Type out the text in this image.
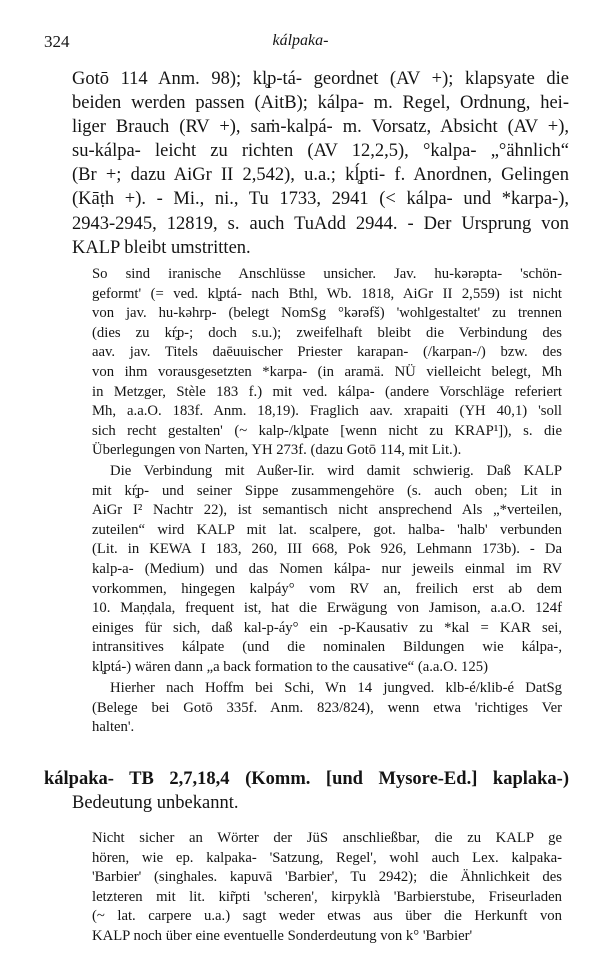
324	kálpaka-
Gotō 114 Anm. 98); kl̥p-tá- geordnet (AV +); klapsyate die
beiden werden passen (AitB); kálpa- m. Regel, Ordnung, hei-
liger Brauch (RV +), saṁ-kalpá- m. Vorsatz, Absicht (AV +),
su-kálpa- leicht zu richten (AV 12,2,5), °kalpa- „°ähnlich“
(Br +; dazu AiGr II 2,542), u.a.; kĺ̥pti- f. Anordnen, Gelingen
(Kāṭh +). - Mi., ni., Tu 1733, 2941 (< kálpa- und *karpa-),
2943-2945, 12819, s. auch TuAdd 2944. - Der Ursprung von
KALP bleibt umstritten.
So sind iranische Anschlüsse unsicher. Jav. hu-kərəpta- 'schön-
geformt' (= ved. kl̥ptá- nach Bthl, Wb. 1818, AiGr II 2,559) ist nicht
von jav. hu-kəhrp- (belegt NomSg °kərəfš) 'wohlgestaltet' zu trennen
(dies zu kŕ̥p-; doch s.u.); zweifelhaft bleibt die Verbindung des
aav. jav. Titels daēuuischer Priester karapan- (/karpan-/) bzw. des
von ihm vorausgesetzten *karpa- (in aramä. NÜ vielleicht belegt, Mh
in Metzger, Stèle 183 f.) mit ved. kálpa- (andere Vorschläge referiert
Mh, a.a.O. 183f. Anm. 18,19). Fraglich aav. xrapaiti (YH 40,1) 'soll
sich recht gestalten' (~ kalp-/kl̥pate [wenn nicht zu KRAP¹]), s. die
Überlegungen von Narten, YH 273f. (dazu Gotō 114, mit Lit.).
Die Verbindung mit Außer-Iir. wird damit schwierig. Daß KALP
mit kŕ̥p- und seiner Sippe zusammengehöre (s. auch oben; Lit in
AiGr I² Nachtr 22), ist semantisch nicht ansprechend Als „*verteilen,
zuteilen“ wird KALP mit lat. scalpere, got. halba- 'halb' verbunden
(Lit. in KEWA I 183, 260, III 668, Pok 926, Lehmann 173b). - Da
kalp-a- (Medium) und das Nomen kálpa- nur jeweils einmal im RV
vorkommen, hingegen kalpáy° vom RV an, freilich erst ab dem
10. Maṇḍala, frequent ist, hat die Erwägung von Jamison, a.a.O. 124f
einiges für sich, daß kal-p-áy° ein -p-Kausativ zu *kal = KAR sei,
intransitives kálpate (und die nominalen Bildungen wie kálpa-,
kl̥ptá-) wären dann „a back formation to the causative“ (a.a.O. 125)
Hierher nach Hoffm bei Schi, Wn 14 jungved. klb-é/klib-é DatSg
(Belege bei Gotō 335f. Anm. 823/824), wenn etwa 'richtiges Ver
halten'.
kálpaka- TB 2,7,18,4 (Komm. [und Mysore-Ed.] kaplaka-)
Bedeutung unbekannt.
Nicht sicher an Wörter der JüS anschließbar, die zu KALP ge
hören, wie ep. kalpaka- 'Satzung, Regel', wohl auch Lex. kalpaka-
'Barbier' (singhales. kapuvā 'Barbier', Tu 2942); die Ähnlichkeit des
letzteren mit lit. kir̃pti 'scheren', kirpyklà 'Barbierstube, Friseurladen
(~ lat. carpere u.a.) sagt weder etwas aus über die Herkunft von
KALP noch über eine eventuelle Sonderdeutung von k° 'Barbier'
